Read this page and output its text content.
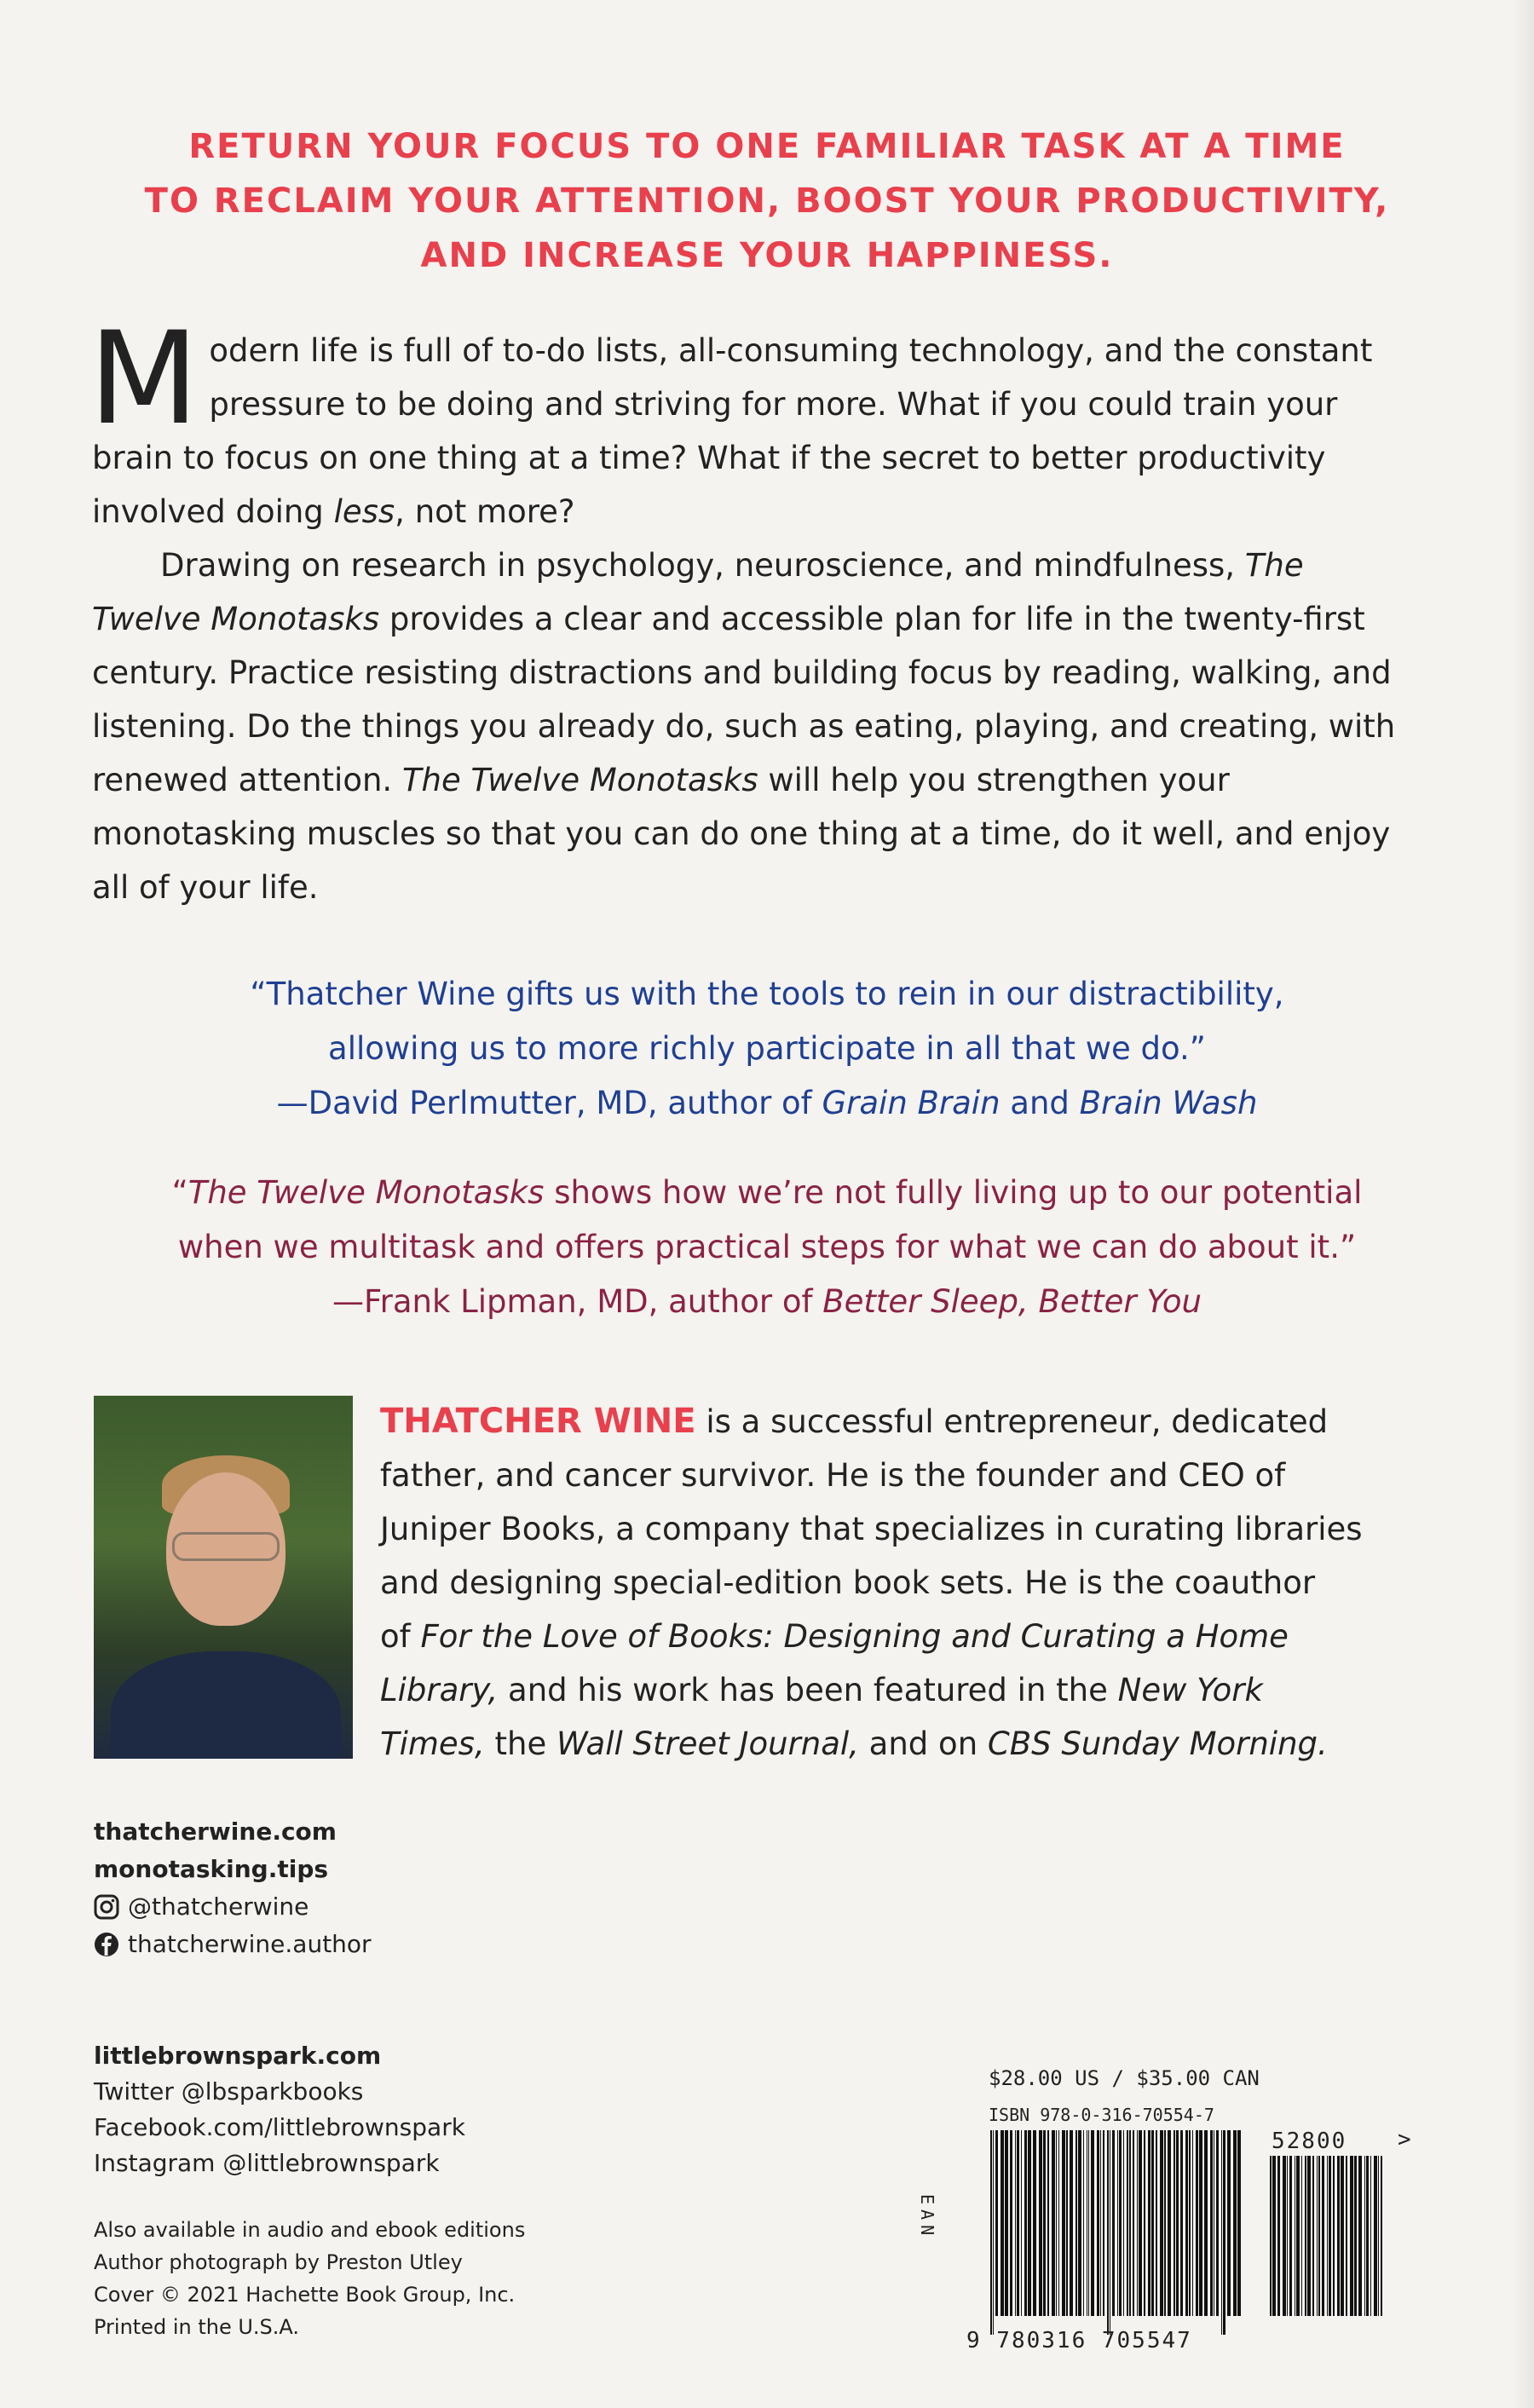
RETURN YOUR FOCUS TO ONE FAMILIAR TASK AT A TIME
TO RECLAIM YOUR ATTENTION, BOOST YOUR PRODUCTIVITY,
AND INCREASE YOUR HAPPINESS.

Modern life is full of to-do lists, all-consuming technology, and the constant pressure to be doing and striving for more. What if you could train your brain to focus on one thing at a time? What if the secret to better productivity involved doing less, not more?

Drawing on research in psychology, neuroscience, and mindfulness, The Twelve Monotasks provides a clear and accessible plan for life in the twenty-first century. Practice resisting distractions and building focus by reading, walking, and listening. Do the things you already do, such as eating, playing, and creating, with renewed attention. The Twelve Monotasks will help you strengthen your monotasking muscles so that you can do one thing at a time, do it well, and enjoy all of your life.

“Thatcher Wine gifts us with the tools to rein in our distractibility,
allowing us to more richly participate in all that we do.”
—David Perlmutter, MD, author of Grain Brain and Brain Wash
“The Twelve Monotasks shows how we’re not fully living up to our potential
when we multitask and offers practical steps for what we can do about it.”
—Frank Lipman, MD, author of Better Sleep, Better You
THATCHER WINE is a successful entrepreneur, dedicated
father, and cancer survivor. He is the founder and CEO of
Juniper Books, a company that specializes in curating libraries
and designing special-edition book sets. He is the coauthor
of For the Love of Books: Designing and Curating a Home
Library, and his work has been featured in the New York
Times, the Wall Street Journal, and on CBS Sunday Morning.
thatcherwine.com
monotasking.tips
@thatcherwine
thatcherwine.author
littlebrownspark.com
Twitter @lbsparkbooks
Facebook.com/littlebrownspark
Instagram @littlebrownspark
Also available in audio and ebook editions
Author photograph by Preston Utley
Cover © 2021 Hachette Book Group, Inc.
Printed in the U.S.A.
$28.00 US / $35.00 CAN
ISBN 978-0-316-70554-7
EAN
9 780316 705547
52800 >
